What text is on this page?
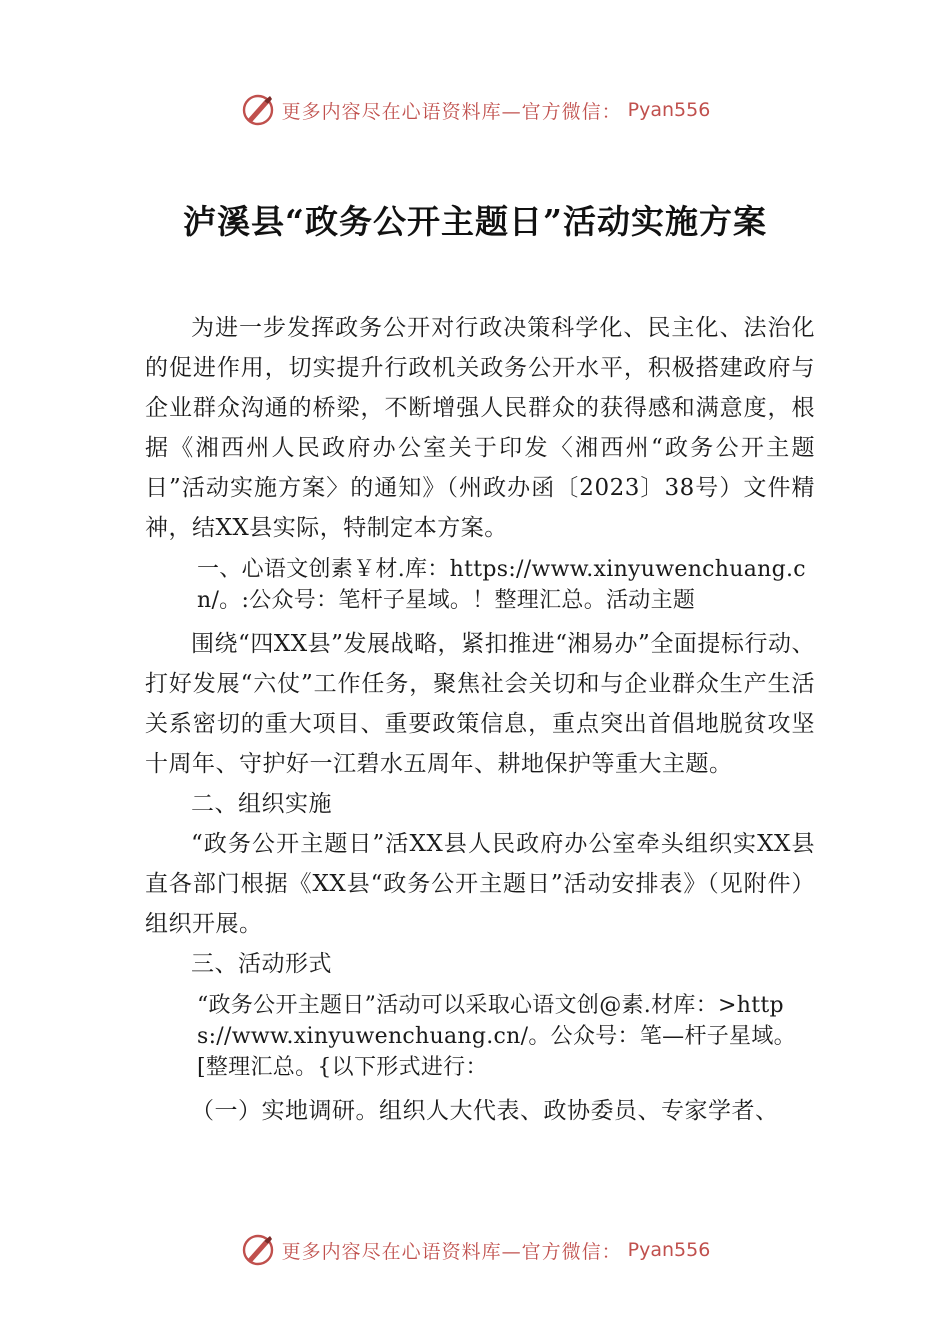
更多内容尽在心语资料库—官方微信： Pyan556
泸溪县“政务公开主题日”活动实施方案

为进一步发挥政务公开对行政决策科学化、民主化、法治化的促进作用，切实提升行政机关政务公开水平，积极搭建政府与企业群众沟通的桥梁，不断增强人民群众的获得感和满意度，根据《湘西州人民政府办公室关于印发〈湘西州“政务公开主题日”活动实施方案〉的通知》（州政办函〔2023〕38号）文件精神，结XX县实际，特制定本方案。

一、心语文创素￥材.库：https://www.xinyuwenchuang.cn/。:公众号：笔杆子星域。！整理汇总。活动主题

围绕“四XX县”发展战略，紧扣推进“湘易办”全面提标行动、打好发展“六仗”工作任务，聚焦社会关切和与企业群众生产生活关系密切的重大项目、重要政策信息，重点突出首倡地脱贫攻坚十周年、守护好一江碧水五周年、耕地保护等重大主题。

二、组织实施

“政务公开主题日”活XX县人民政府办公室牵头组织实XX县直各部门根据《XX县“政务公开主题日”活动安排表》（见附件）组织开展。

三、活动形式

“政务公开主题日”活动可以采取心语文创@素.材库：>https://www.xinyuwenchuang.cn/。公众号：笔—杆子星域。[整理汇总。{以下形式进行：

（一）实地调研。组织人大代表、政协委员、专家学者、

更多内容尽在心语资料库—官方微信： Pyan556
